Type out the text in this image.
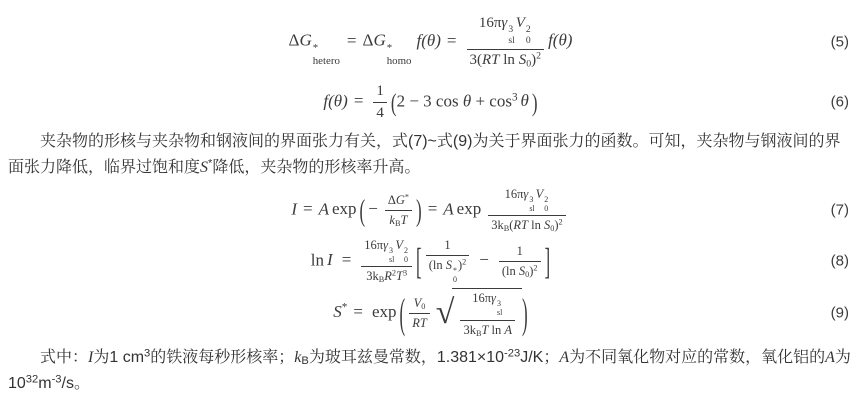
ΔG *
hetero
= ΔG *
homo
f(θ) = 16πγ 3
sl
V 2
0
3(RT ln S0)$^2$ f(θ)	(5)
$f(\theta) = \frac{1}{4} (2 - 3$ $\cos \theta + \cos^3 \theta$ )	(6)

夹杂物的形核与夹杂物和钢液间的界面张力有关，式(7)~式(9)为关于界面张力的函数。可知，夹杂物与钢液间的界面张力降低，临界过饱和度S*降低，夹杂物的形核率升高。

I = A exp ( − $\frac{\Delta G^*}{\text{kBT}}$ ) = A exp 16πγ 3
sl
V 2
0
3kB(RT ln S0)$^2$	(7)
ln I = 16πγ 3
sl
V 2
0
$3kBR^2T^3$ [ 1
(ln S *
0
)$^2 - \frac{1}{(\ln S0)^2}$ ]	(8)
S* = exp ( $\frac{V0}{RT}$ √ 16πγ 3
sl
3kBT ln A )	(9)

式中：I为1 $cm^3$的铁液每秒形核率；kB为玻耳兹曼常数，$1.381\times 10^{-23}J/K$；A为不同氧化物对应的常数，氧化铝的A为$10^{32}m^{-3}/s$。
